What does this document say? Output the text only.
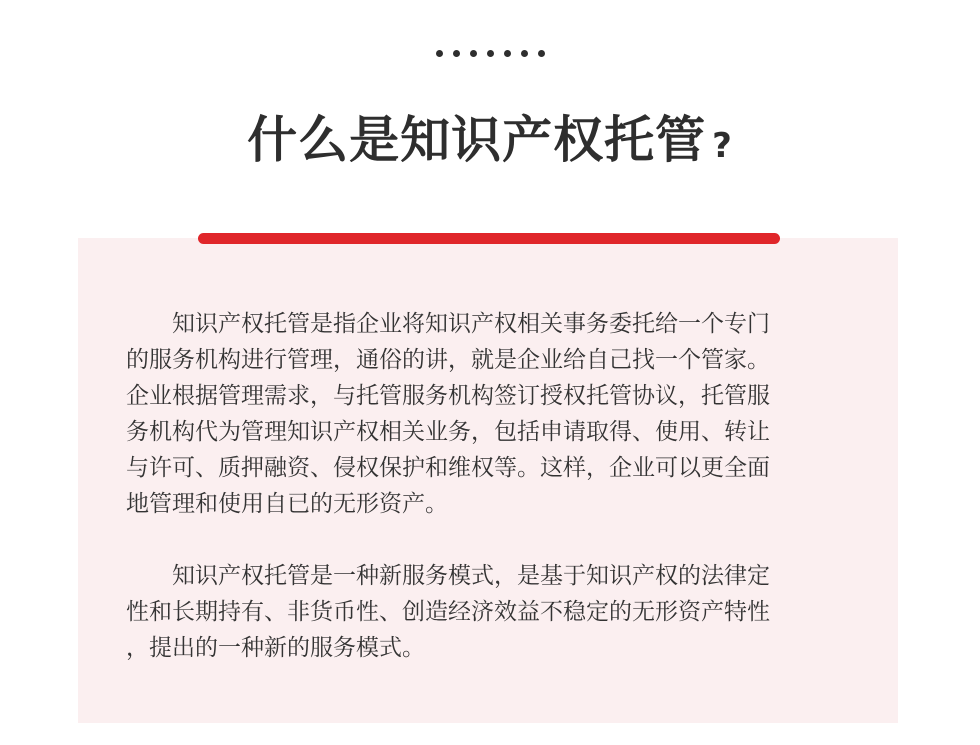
什么是知识产权托管 ?
　　知识产权托管是指企业将知识产权相关事务委托给一个专门
的服务机构进行管理，通俗的讲，就是企业给自己找一个管家。
企业根据管理需求，与托管服务机构签订授权托管协议，托管服
务机构代为管理知识产权相关业务，包括申请取得、使用、转让
与许可、质押融资、侵权保护和维权等。这样，企业可以更全面
地管理和使用自已的无形资产。
　　知识产权托管是一种新服务模式，是基于知识产权的法律定
性和长期持有、非货币性、创造经济效益不稳定的无形资产特性
，提出的一种新的服务模式。
